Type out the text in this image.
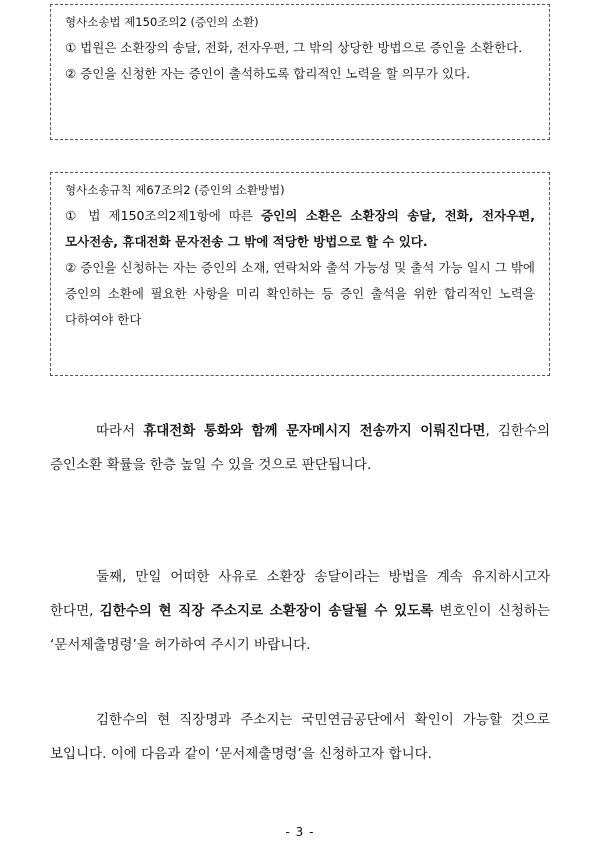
형사소송법 제150조의2 (증인의 소환)
① 법원은 소환장의 송달, 전화, 전자우편, 그 밖의 상당한 방법으로 증인을 소환한다.
② 증인을 신청한 자는 증인이 출석하도록 합리적인 노력을 할 의무가 있다.
형사소송규칙 제67조의2 (증인의 소환방법)
① 법 제150조의2제1항에 따른 증인의 소환은 소환장의 송달, 전화, 전자우편, 모사전송, 휴대전화 문자전송 그 밖에 적당한 방법으로 할 수 있다.
② 증인을 신청하는 자는 증인의 소재, 연락처와 출석 가능성 및 출석 가능 일시 그 밖에 증인의 소환에 필요한 사항을 미리 확인하는 등 증인 출석을 위한 합리적인 노력을 다하여야 한다
따라서 휴대전화 통화와 함께 문자메시지 전송까지 이뤄진다면, 김한수의 증인소환 확률을 한층 높일 수 있을 것으로 판단됩니다.
둘째, 만일 어떠한 사유로 소환장 송달이라는 방법을 계속 유지하시고자 한다면, 김한수의 현 직장 주소지로 소환장이 송달될 수 있도록 변호인이 신청하는 ‘문서제출명령’을 허가하여 주시기 바랍니다.
김한수의 현 직장명과 주소지는 국민연금공단에서 확인이 가능할 것으로 보입니다. 이에 다음과 같이 ‘문서제출명령’을 신청하고자 합니다.
- 3 -
